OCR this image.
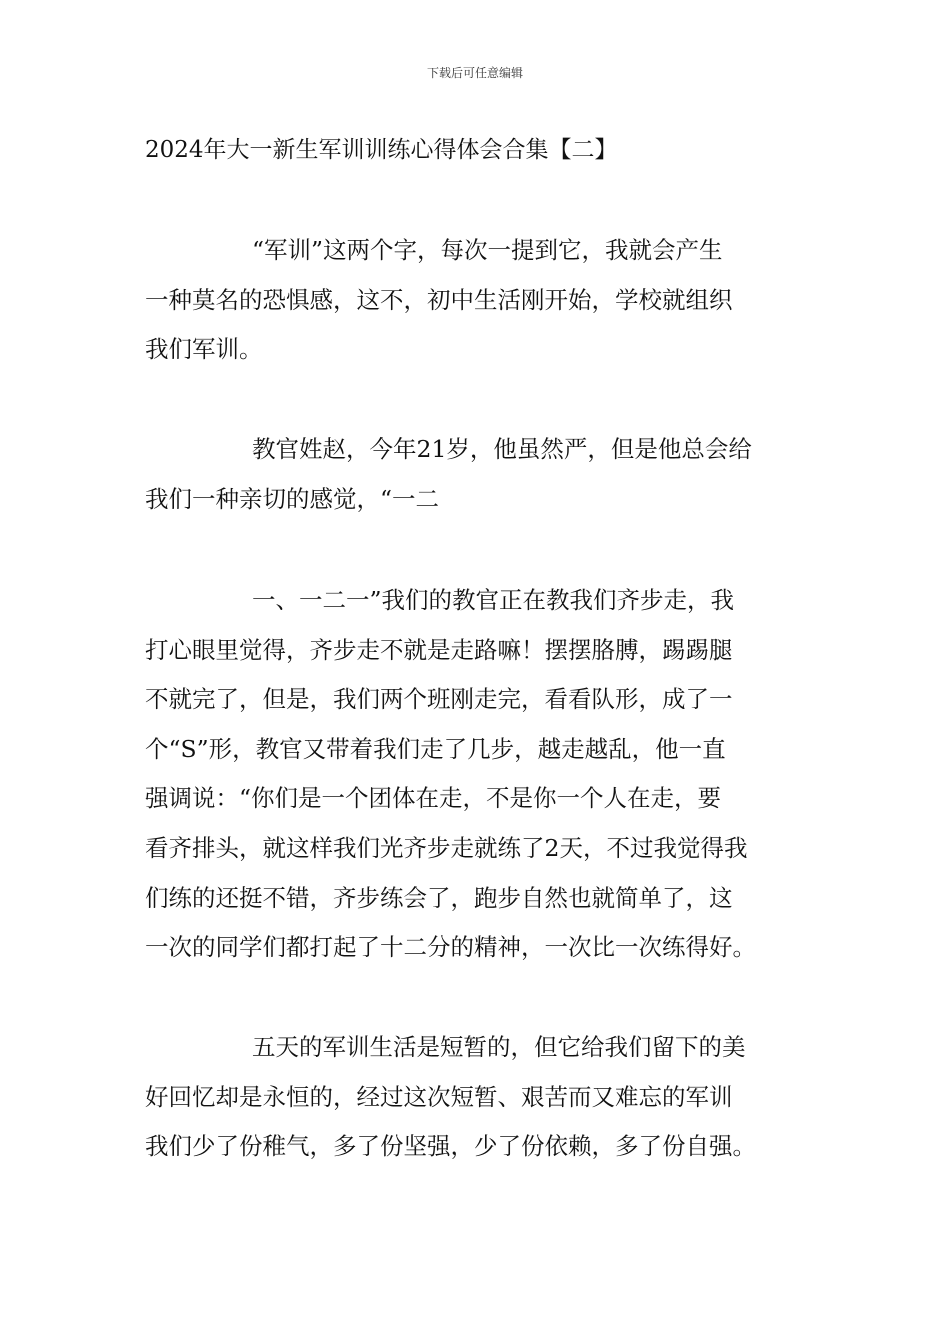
下载后可任意编辑
2024年大一新生军训训练心得体会合集【二】
“军训”这两个字，每次一提到它，我就会产生
一种莫名的恐惧感，这不，初中生活刚开始，学校就组织
我们军训。
教官姓赵，今年21岁，他虽然严，但是他总会给
我们一种亲切的感觉，“一二
一、一二一”我们的教官正在教我们齐步走，我
打心眼里觉得，齐步走不就是走路嘛！摆摆胳膊，踢踢腿
不就完了，但是，我们两个班刚走完，看看队形，成了一
个“S”形，教官又带着我们走了几步，越走越乱，他一直
强调说：“你们是一个团体在走，不是你一个人在走，要
看齐排头，就这样我们光齐步走就练了2天，不过我觉得我
们练的还挺不错，齐步练会了，跑步自然也就简单了，这
一次的同学们都打起了十二分的精神，一次比一次练得好。
五天的军训生活是短暂的，但它给我们留下的美
好回忆却是永恒的，经过这次短暂、艰苦而又难忘的军训
我们少了份稚气，多了份坚强，少了份依赖，多了份自强。
